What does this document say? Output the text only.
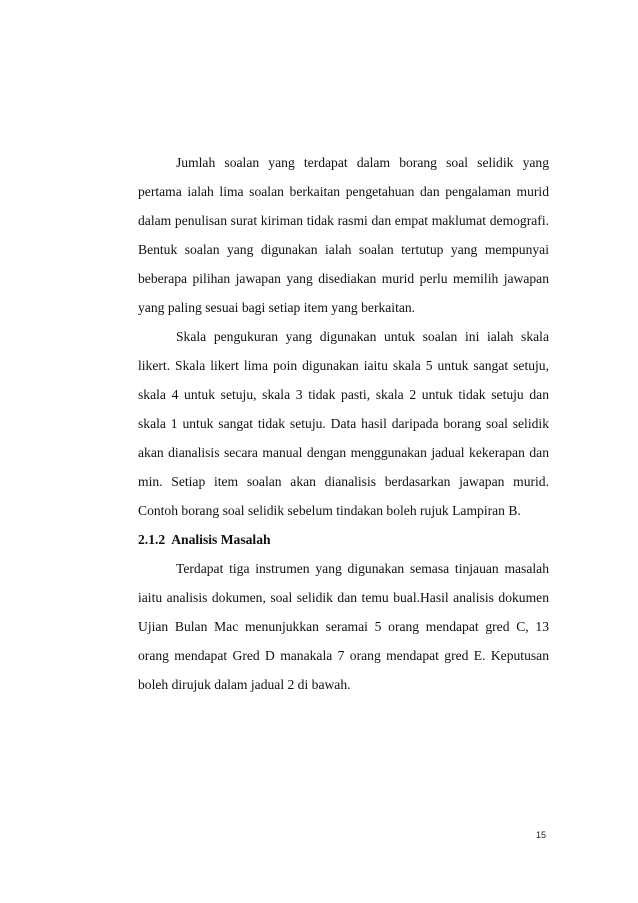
Jumlah soalan yang terdapat dalam borang soal selidik yang pertama ialah lima soalan berkaitan pengetahuan dan pengalaman murid dalam penulisan surat kiriman tidak rasmi dan empat maklumat demografi. Bentuk soalan yang digunakan ialah soalan tertutup yang mempunyai beberapa pilihan jawapan yang disediakan murid perlu memilih jawapan yang paling sesuai bagi setiap item yang berkaitan.

Skala pengukuran yang digunakan untuk soalan ini ialah skala likert. Skala likert lima poin digunakan iaitu skala 5 untuk sangat setuju, skala 4 untuk setuju, skala 3 tidak pasti, skala 2 untuk tidak setuju dan skala 1 untuk sangat tidak setuju. Data hasil daripada borang soal selidik akan dianalisis secara manual dengan menggunakan jadual kekerapan dan min. Setiap item soalan akan dianalisis berdasarkan jawapan murid. Contoh borang soal selidik sebelum tindakan boleh rujuk Lampiran B.

2.1.2  Analisis Masalah

Terdapat tiga instrumen yang digunakan semasa tinjauan masalah iaitu analisis dokumen, soal selidik dan temu bual.Hasil analisis dokumen Ujian Bulan Mac menunjukkan seramai 5 orang mendapat gred C, 13 orang mendapat Gred D manakala 7 orang mendapat gred E. Keputusan boleh dirujuk dalam jadual 2 di bawah.

15
